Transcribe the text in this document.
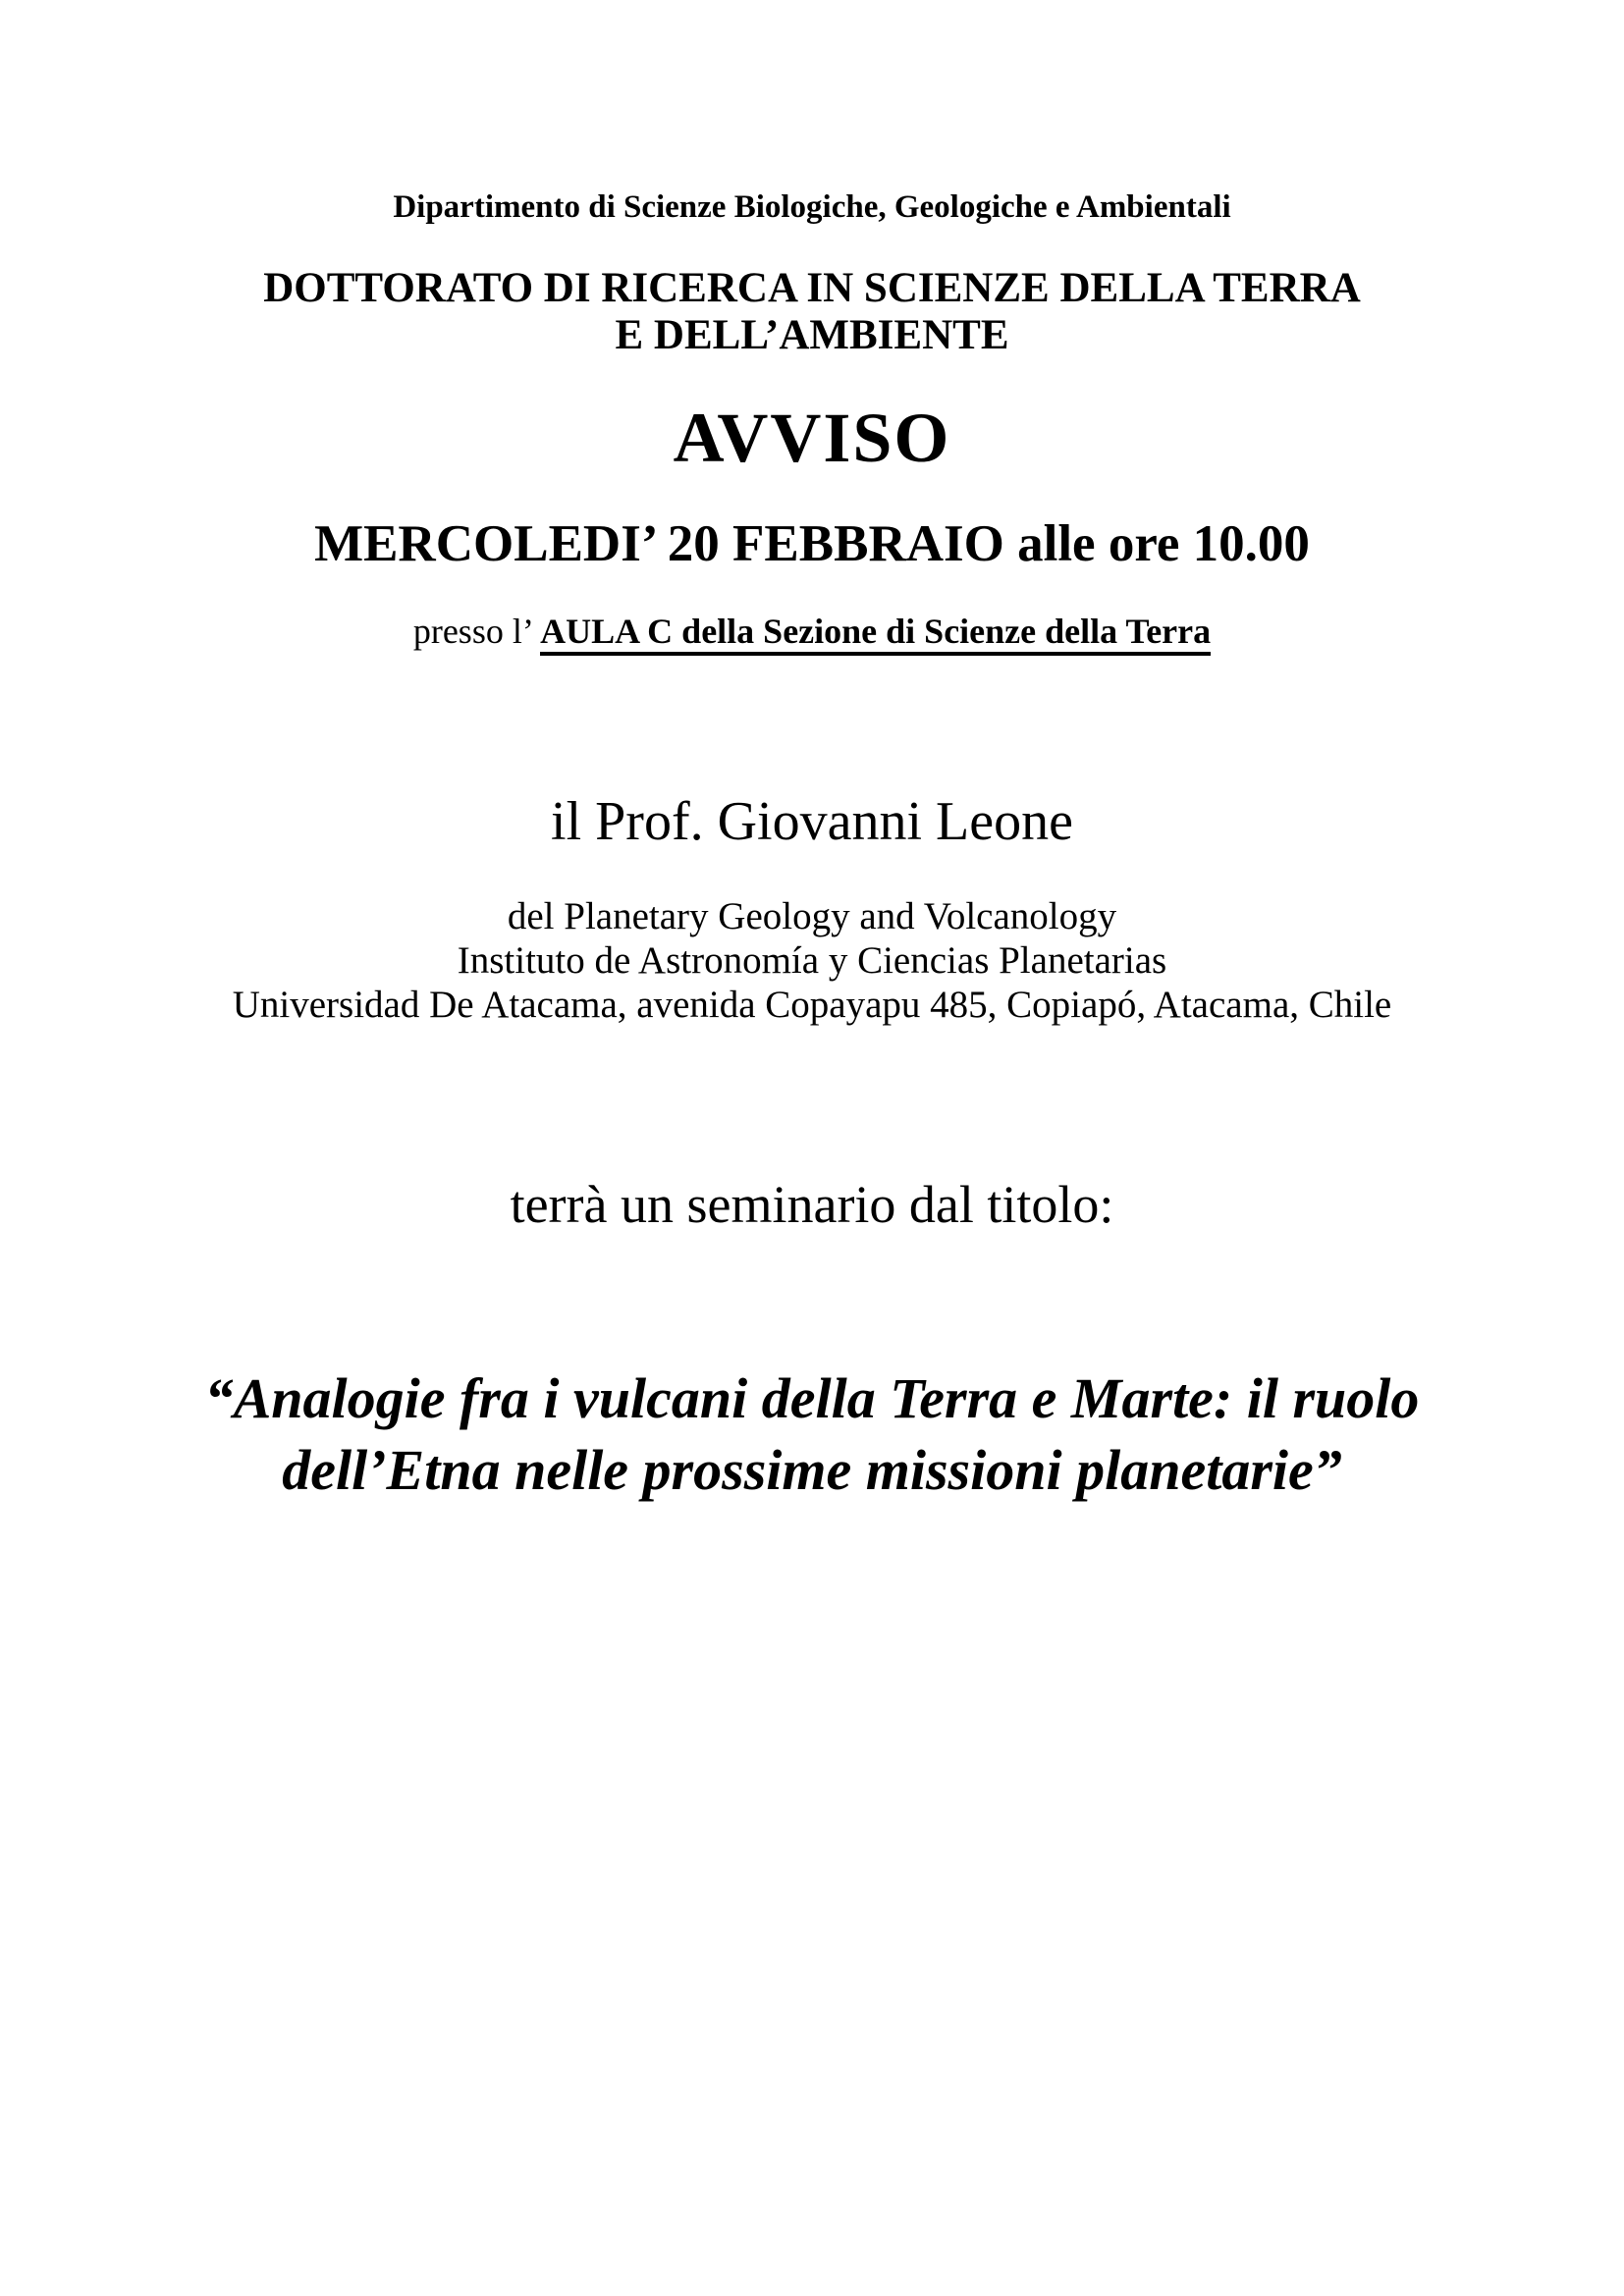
Dipartimento di Scienze Biologiche, Geologiche e Ambientali
DOTTORATO DI RICERCA IN SCIENZE DELLA TERRA E DELL’AMBIENTE
AVVISO
MERCOLEDI’ 20 FEBBRAIO alle ore 10.00
presso l’ AULA C della Sezione di Scienze della Terra
il Prof. Giovanni Leone
del Planetary Geology and Volcanology
Instituto de Astronomía y Ciencias Planetarias
Universidad De Atacama, avenida Copayapu 485, Copiapó, Atacama, Chile
terrà un seminario dal titolo:
“Analogie fra i vulcani della Terra e Marte: il ruolo dell’Etna nelle prossime missioni planetarie”
